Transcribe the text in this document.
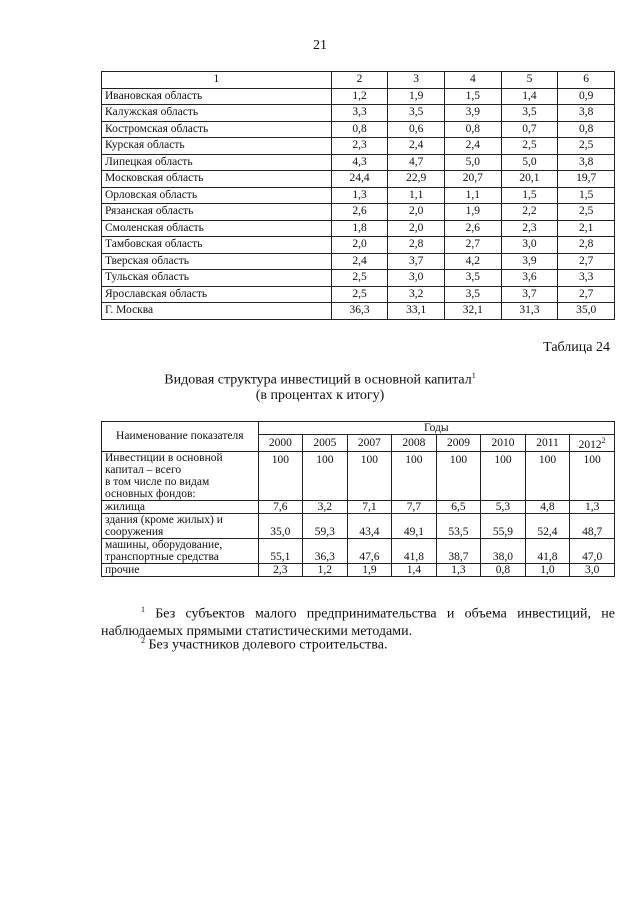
21
1	2	3	4	5	6
Ивановская область	1,2	1,9	1,5	1,4	0,9
Калужская область	3,3	3,5	3,9	3,5	3,8
Костромская область	0,8	0,6	0,8	0,7	0,8
Курская область	2,3	2,4	2,4	2,5	2,5
Липецкая область	4,3	4,7	5,0	5,0	3,8
Московская область	24,4	22,9	20,7	20,1	19,7
Орловская область	1,3	1,1	1,1	1,5	1,5
Рязанская область	2,6	2,0	1,9	2,2	2,5
Смоленская область	1,8	2,0	2,6	2,3	2,1
Тамбовская область	2,0	2,8	2,7	3,0	2,8
Тверская область	2,4	3,7	4,2	3,9	2,7
Тульская область	2,5	3,0	3,5	3,6	3,3
Ярославская область	2,5	3,2	3,5	3,7	2,7
Г. Москва	36,3	33,1	32,1	31,3	35,0
Таблица 24
Видовая структура инвестиций в основной капитал$^1$
(в процентах к итогу)
Наименование показателя	Годы							
	2000	2005	2007	2008	2009	2010	2011	2012$^2$
Инвестиции в основной капитал – всего
в том числе по видам основных фондов:	100	100	100	100	100	100	100	100
жилища	7,6	3,2	7,1	7,7	6,5	5,3	4,8	1,3
здания (кроме жилых) и сооружения	35,0	59,3	43,4	49,1	53,5	55,9	52,4	48,7
машины, оборудование, транспортные средства	55,1	36,3	47,6	41,8	38,7	38,0	41,8	47,0
прочие	2,3	1,2	1,9	1,4	1,3	0,8	1,0	3,0
$^1$ Без субъектов малого предпринимательства и объема инвестиций, не наблюдаемых прямыми статистическими методами.
$^2$ Без участников долевого строительства.
